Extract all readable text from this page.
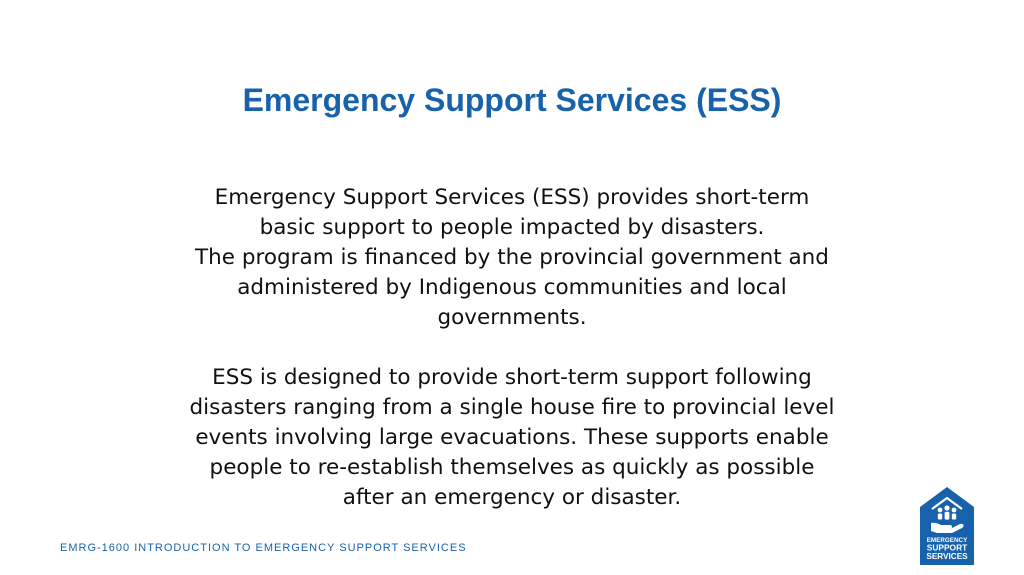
Emergency Support Services (ESS)

Emergency Support Services (ESS) provides short-term
basic support to people impacted by disasters.
The program is financed by the provincial government and
administered by Indigenous communities and local
governments.

ESS is designed to provide short-term support following
disasters ranging from a single house fire to provincial level
events involving large evacuations. These supports enable
people to re-establish themselves as quickly as possible
after an emergency or disaster.

EMRG-1600 INTRODUCTION TO EMERGENCY SUPPORT SERVICES
EMERGENCY
SUPPORT
SERVICES
